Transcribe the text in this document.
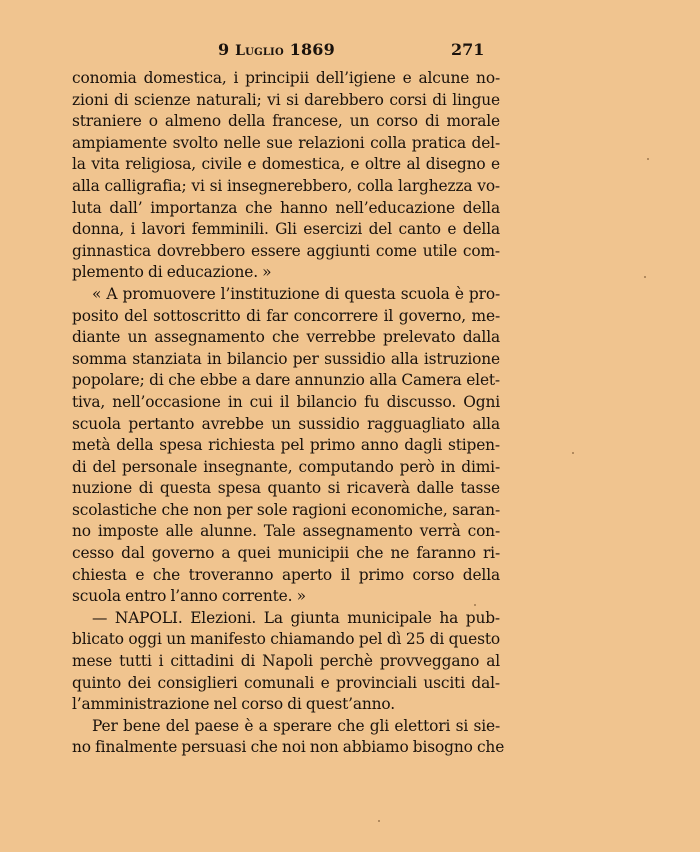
9 Luglio 1869	271
conomia domestica, i principii dell’igiene e alcune no-
zioni di scienze naturali; vi si darebbero corsi di lingue
straniere o almeno della francese, un corso di morale
ampiamente svolto nelle sue relazioni colla pratica del-
la vita religiosa, civile e domestica, e oltre al disegno e
alla calligrafia; vi si insegnerebbero, colla larghezza vo-
luta dall’ importanza che hanno nell’educazione della
donna, i lavori femminili. Gli esercizi del canto e della
ginnastica dovrebbero essere aggiunti come utile com-
plemento di educazione. »
« A promuovere l’instituzione di questa scuola è pro-
posito del sottoscritto di far concorrere il governo, me-
diante un assegnamento che verrebbe prelevato dalla
somma stanziata in bilancio per sussidio alla istruzione
popolare; di che ebbe a dare annunzio alla Camera elet-
tiva, nell’occasione in cui il bilancio fu discusso. Ogni
scuola pertanto avrebbe un sussidio ragguagliato alla
metà della spesa richiesta pel primo anno dagli stipen-
di del personale insegnante, computando però in dimi-
nuzione di questa spesa quanto si ricaverà dalle tasse
scolastiche che non per sole ragioni economiche, saran-
no imposte alle alunne. Tale assegnamento verrà con-
cesso dal governo a quei municipii che ne faranno ri-
chiesta e che troveranno aperto il primo corso della
scuola entro l’anno corrente. »
— NAPOLI. Elezioni. La giunta municipale ha pub-
blicato oggi un manifesto chiamando pel dì 25 di questo
mese tutti i cittadini di Napoli perchè provveggano al
quinto dei consiglieri comunali e provinciali usciti dal-
l’amministrazione nel corso di quest’anno.
Per bene del paese è a sperare che gli elettori si sie-
no finalmente persuasi che noi non abbiamo bisogno che
